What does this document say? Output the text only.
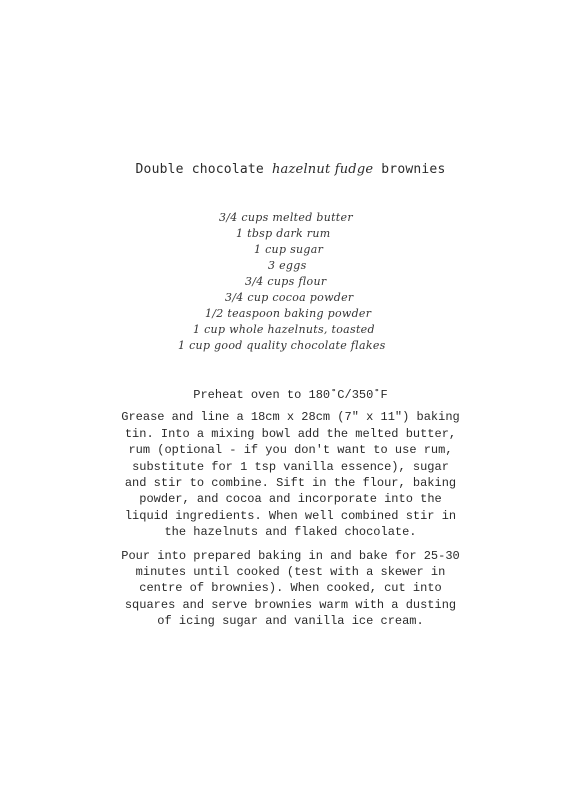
Double chocolate hazelnut fudge brownies
3/4 cups melted butter
1 tbsp dark rum
1 cup sugar
3 eggs
3/4 cups flour
3/4 cup cocoa powder
1/2 teaspoon baking powder
1 cup whole hazelnuts, toasted
1 cup good quality chocolate flakes
Preheat oven to 180˚C/350˚F

Grease and line a 18cm x 28cm (7" x 11") baking tin. Into a mixing bowl add the melted butter, rum (optional - if you don't want to use rum, substitute for 1 tsp vanilla essence), sugar and stir to combine. Sift in the flour, baking powder, and cocoa and incorporate into the liquid ingredients. When well combined stir in the hazelnuts and flaked chocolate.

Pour into prepared baking in and bake for 25-30 minutes until cooked (test with a skewer in centre of brownies). When cooked, cut into squares and serve brownies warm with a dusting of icing sugar and vanilla ice cream.
